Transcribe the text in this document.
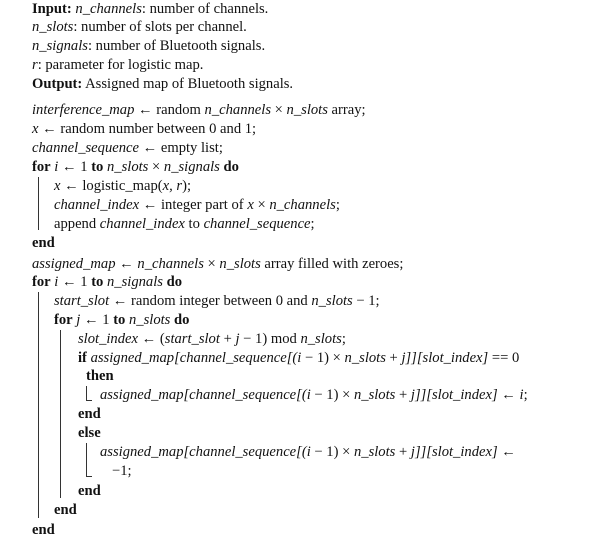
Input: n_channels: number of channels.
n_slots: number of slots per channel.
n_signals: number of Bluetooth signals.
r: parameter for logistic map.
Output: Assigned map of Bluetooth signals.
interference_map ← random n_channels × n_slots array;
x ← random number between 0 and 1;
channel_sequence ← empty list;
for i ← 1 to n_slots × n_signals do
x ← logistic_map(x, r);
channel_index ← integer part of x × n_channels;
append channel_index to channel_sequence;
end
assigned_map ← n_channels × n_slots array filled with zeroes;
for i ← 1 to n_signals do
start_slot ← random integer between 0 and n_slots − 1;
for j ← 1 to n_slots do
slot_index ← (start_slot + j − 1) mod n_slots;
if assigned_map[channel_sequence[(i − 1) × n_slots + j]][slot_index] == 0
then
assigned_map[channel_sequence[(i − 1) × n_slots + j]][slot_index] ← i;
end
else
assigned_map[channel_sequence[(i − 1) × n_slots + j]][slot_index] ←
−1;
end
end
end
